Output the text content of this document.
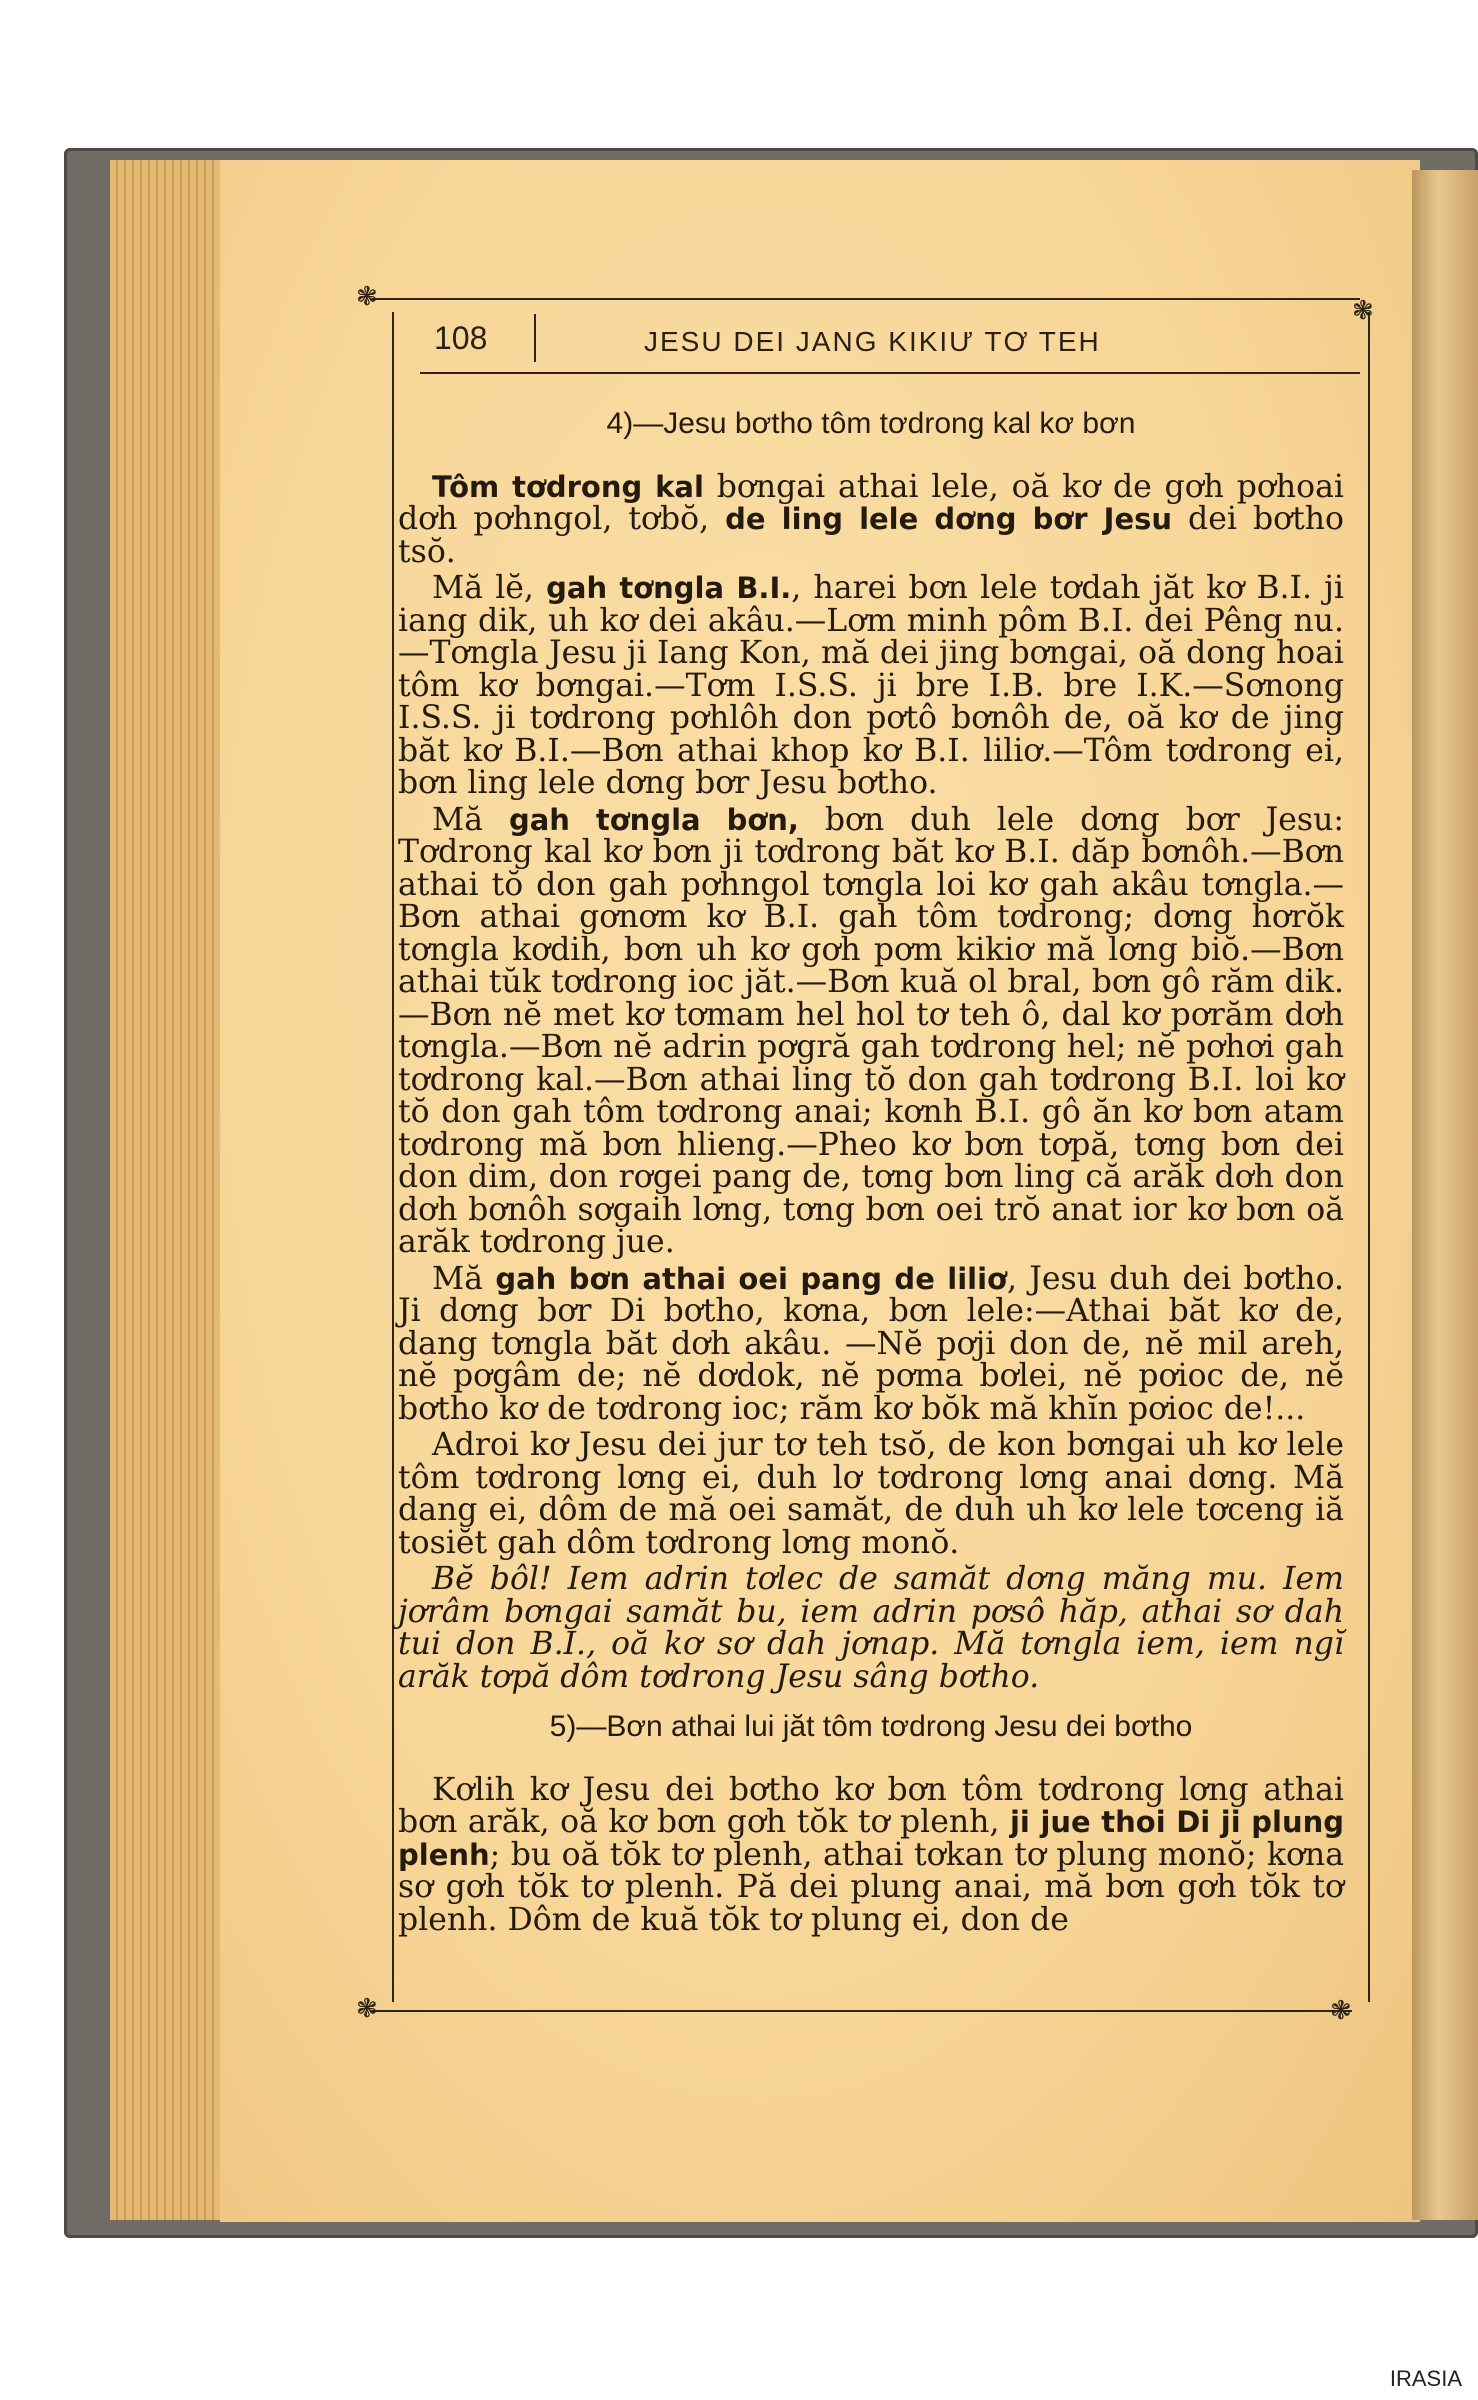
❃	❃
❃	❃
108	JESU DEI JANG KIKIƯ TƠ TEH
4)—Jesu bơtho tôm tơdrong kal kơ bơn

Tôm tơdrong kal bơngai athai lele, oă kơ de gơh pơhoai dơh pơhngol, tơbŏ, de ling lele dơng bơr Jesu dei bơtho tsŏ.

Mă lĕ, gah tơngla B.I., harei bơn lele tơdah jăt kơ B.I. ji iang dik, uh kơ dei akâu.—Lơm minh pôm B.I. dei Pêng nu.—Tơngla Jesu ji Iang Kon, mă dei jing bơngai, oă dong hoai tôm kơ bơngai.—Tơm I.S.S. ji bre I.B. bre I.K.—Sơnong I.S.S. ji tơdrong pơhlôh don pơtô bơnôh de, oă kơ de jing băt kơ B.I.—Bơn athai khop kơ B.I. liliơ.—Tôm tơdrong ei, bơn ling lele dơng bơr Jesu bơtho.

Mă gah tơngla bơn, bơn duh lele dơng bơr Jesu: Tơdrong kal kơ bơn ji tơdrong băt kơ B.I. dăp bơnôh.—Bơn athai tŏ don gah pơhngol tơngla loi kơ gah akâu tơngla.—Bơn athai gơnơm kơ B.I. gah tôm tơdrong; dơng hơrŏk tơngla kơdih, bơn uh kơ gơh pơm kikiơ mă lơng biŏ.—Bơn athai tŭk tơdrong ioc jăt.—Bơn kuă ol bral, bơn gô răm dik.—Bơn nĕ met kơ tơmam hel hol tơ teh ô, dal kơ pơrăm dơh tơngla.—Bơn nĕ adrin pơgră gah tơdrong hel; nĕ pơhơi gah tơdrong kal.—Bơn athai ling tŏ don gah tơdrong B.I. loi kơ tŏ don gah tôm tơdrong anai; kơnh B.I. gô ăn kơ bơn atam tơdrong mă bơn hlieng.—Pheo kơ bơn tơpă, tơng bơn dei don dim, don rơgei pang de, tơng bơn ling că arăk dơh don dơh bơnôh sơgaih lơng, tơng bơn oei trŏ anat ior kơ bơn oă arăk tơdrong jue.

Mă gah bơn athai oei pang de liliơ, Jesu duh dei bơtho. Ji dơng bơr Di bơtho, kơna, bơn lele:—Athai băt kơ de, dang tơngla băt dơh akâu. —Nĕ pơji don de, nĕ mil areh, nĕ pơgâm de; nĕ dơdok, nĕ pơma bơlei, nĕ pơioc de, nĕ bơtho kơ de tơdrong ioc; răm kơ bŏk mă khĭn pơioc de!...

Adroi kơ Jesu dei jur tơ teh tsŏ, de kon bơngai uh kơ lele tôm tơdrong lơng ei, duh lơ tơdrong lơng anai dơng. Mă dang ei, dôm de mă oei samăt, de duh uh kơ lele tơceng iă tosiĕt gah dôm tơdrong lơng monŏ.

Bĕ bôl! Iem adrin tơlec de samăt dơng măng mu. Iem jơrâm bơngai samăt bu, iem adrin pơsô hăp, athai sơ dah tui don B.I., oă kơ sơ dah jơnap. Mă tơngla iem, iem ngĭ arăk tơpă dôm tơdrong Jesu sâng bơtho.

5)—Bơn athai lui jăt tôm tơdrong Jesu dei bơtho

Kơlih kơ Jesu dei bơtho kơ bơn tôm tơdrong lơng athai bơn arăk, oă kơ bơn gơh tŏk tơ plenh, ji jue thoi Di ji plung plenh; bu oă tŏk tơ plenh, athai tơkan tơ plung monŏ; kơna sơ gơh tŏk tơ plenh. Pă dei plung anai, mă bơn gơh tŏk tơ plenh. Dôm de kuă tŏk tơ plung ei, don de

IRASIA
